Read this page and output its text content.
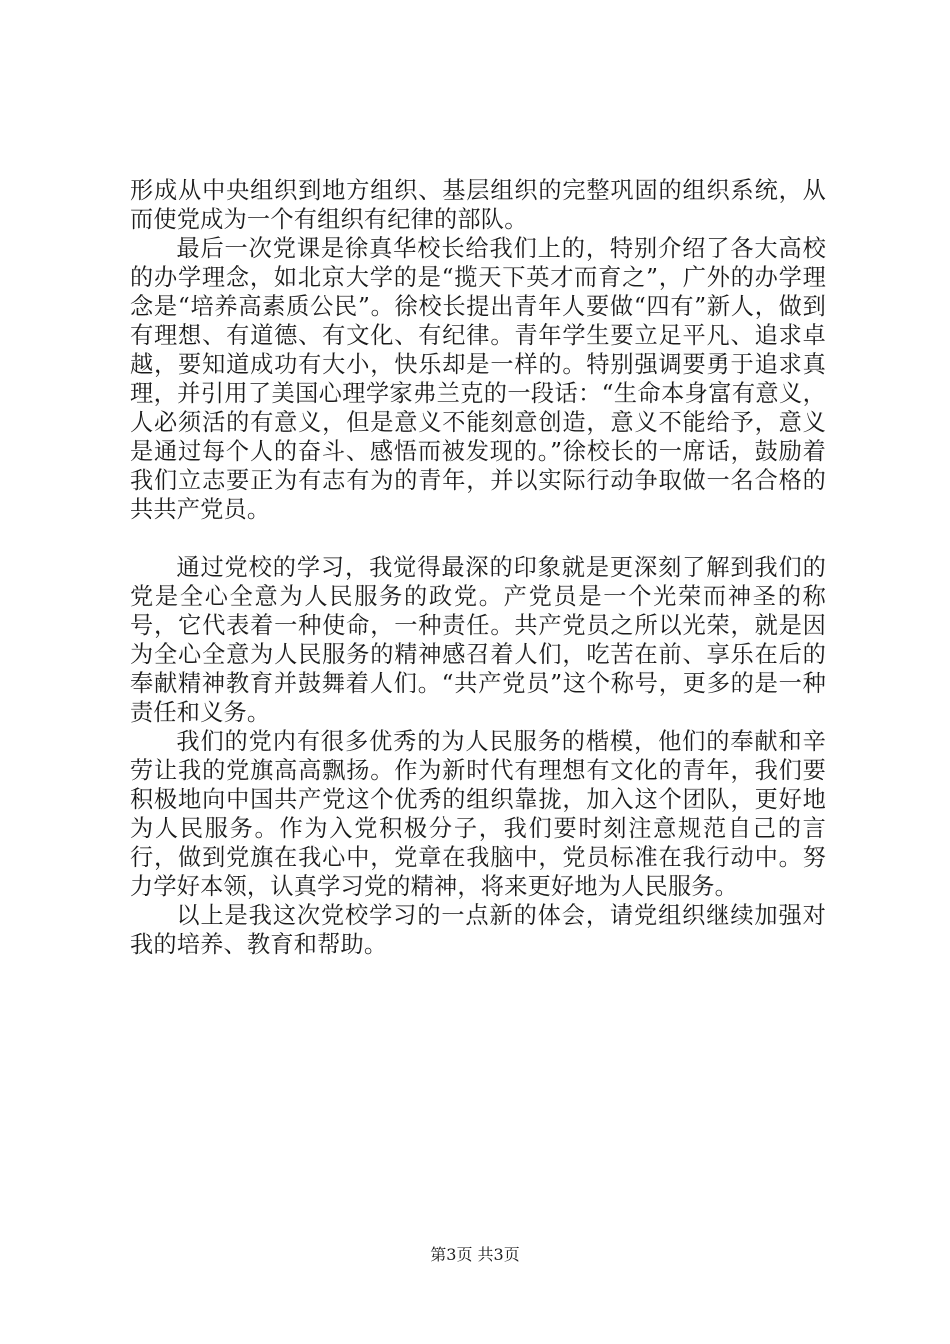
形成从中央组织到地方组织、基层组织的完整巩固的组织系统，从而使党成为一个有组织有纪律的部队。

最后一次党课是徐真华校长给我们上的，特别介绍了各大高校的办学理念，如北京大学的是“揽天下英才而育之”，广外的办学理念是“培养高素质公民”。徐校长提出青年人要做“四有”新人，做到有理想、有道德、有文化、有纪律。青年学生要立足平凡、追求卓越，要知道成功有大小，快乐却是一样的。特别强调要勇于追求真理，并引用了美国心理学家弗兰克的一段话：“生命本身富有意义，人必须活的有意义，但是意义不能刻意创造，意义不能给予，意义是通过每个人的奋斗、感悟而被发现的。”徐校长的一席话，鼓励着我们立志要正为有志有为的青年，并以实际行动争取做一名合格的共共产党员。

通过党校的学习，我觉得最深的印象就是更深刻了解到我们的党是全心全意为人民服务的政党。产党员是一个光荣而神圣的称号，它代表着一种使命，一种责任。共产党员之所以光荣，就是因为全心全意为人民服务的精神感召着人们，吃苦在前、享乐在后的奉献精神教育并鼓舞着人们。“共产党员”这个称号，更多的是一种责任和义务。

我们的党内有很多优秀的为人民服务的楷模，他们的奉献和辛劳让我的党旗高高飘扬。作为新时代有理想有文化的青年，我们要积极地向中国共产党这个优秀的组织靠拢，加入这个团队，更好地为人民服务。作为入党积极分子，我们要时刻注意规范自己的言行，做到党旗在我心中，党章在我脑中，党员标准在我行动中。努力学好本领，认真学习党的精神，将来更好地为人民服务。

以上是我这次党校学习的一点新的体会，请党组织继续加强对我的培养、教育和帮助。

第3页 共3页
